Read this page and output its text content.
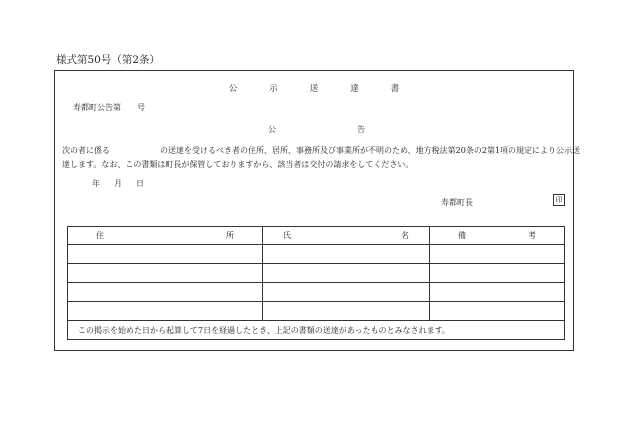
様式第50号（第2条）
公	示	送	達	書
寿都町公告第　　号
公	告
次の者に係る	の送達を受けるべき者の住所、居所、事務所及び事業所が不明のため、地方税法第20条の2第1項の規定により公示送
達します。なお、この書類は町長が保管しておりますから、該当者は交付の請求をしてください。
年 月 日
寿都町長	印
住 所	氏 名	備 考

この掲示を始めた日から起算して7日を経過したとき、上記の書類の送達があったものとみなされます。		
